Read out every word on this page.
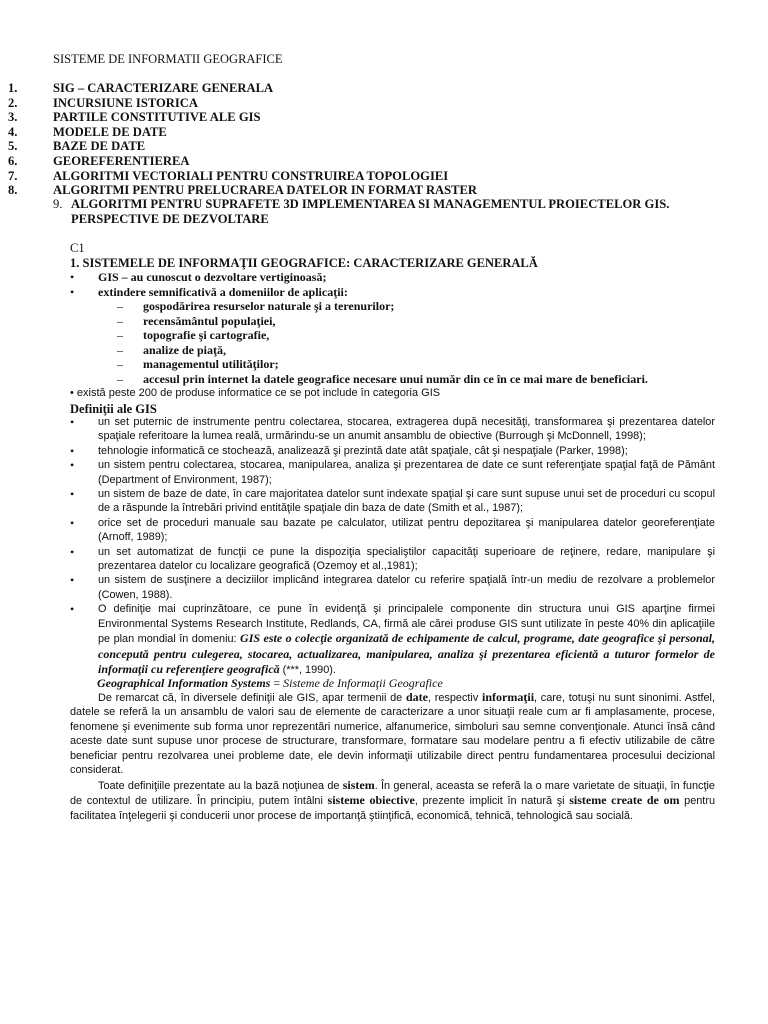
SISTEME DE INFORMATII GEOGRAFICE
1.	SIG – CARACTERIZARE GENERALA
2.	INCURSIUNE ISTORICA
3.	PARTILE CONSTITUTIVE ALE GIS
4.	MODELE DE DATE
5.	BAZE DE DATE
6.	GEOREFERENTIEREA
7.	ALGORITMI VECTORIALI PENTRU CONSTRUIREA TOPOLOGIEI
8.	ALGORITMI PENTRU PRELUCRAREA DATELOR IN FORMAT RASTER
9. ALGORITMI PENTRU SUPRAFETE 3D IMPLEMENTAREA SI MANAGEMENTUL PROIECTELOR GIS.
PERSPECTIVE DE DEZVOLTARE
C1
1. SISTEMELE DE INFORMAŢII GEOGRAFICE: CARACTERIZARE GENERALĂ
• GIS – au cunoscut o dezvoltare vertiginoasă;
• extindere semnificativă a domeniilor de aplicaţii:
– gospodărirea resurselor naturale şi a terenurilor;
– recensământul populaţiei,
– topografie şi cartografie,
– analize de piaţă,
– managementul utilităţilor;
– accesul prin internet la datele geografice necesare unui număr din ce în ce mai mare de beneficiari.
• există peste 200 de produse informatice ce se pot include în categoria GIS
Definiţii ale GIS
•	un set puternic de instrumente pentru colectarea, stocarea, extragerea după necesităţi, transformarea şi prezentarea datelor spaţiale referitoare la lumea reală, urmărindu-se un anumit ansamblu de obiective (Burrough şi McDonnell, 1998);
•	tehnologie informatică ce stochează, analizează şi prezintă date atât spaţiale, cât şi nespaţiale (Parker, 1998);
•	un sistem pentru colectarea, stocarea, manipularea, analiza şi prezentarea de date ce sunt referenţiate spaţial faţă de Pământ (Department of Environment, 1987);
•	un sistem de baze de date, în care majoritatea datelor sunt indexate spaţial şi care sunt supuse unui set de proceduri cu scopul de a răspunde la întrebări privind entităţile spaţiale din baza de date (Smith et al., 1987);
•	orice set de proceduri manuale sau bazate pe calculator, utilizat pentru depozitarea şi manipularea datelor georeferenţiate (Arnoff, 1989);
•	un set automatizat de funcţii ce pune la dispoziţia specialiştilor capacităţi superioare de reţinere, redare, manipulare şi prezentarea datelor cu localizare geografică (Ozemoy et al.,1981);
•	un sistem de susţinere a deciziilor implicând integrarea datelor cu referire spaţială într-un mediu de rezolvare a problemelor (Cowen, 1988).
•	O definiţie mai cuprinzătoare, ce pune în evidenţă şi principalele componente din structura unui GIS aparţine firmei Environmental Systems Research Institute, Redlands, CA, firmă ale cărei produse GIS sunt utilizate în peste 40% din aplicaţiile pe plan mondial în domeniu: GIS este o colecţie organizată de echipamente de calcul, programe, date geografice şi personal, concepută pentru culegerea, stocarea, actualizarea, manipularea, analiza şi prezentarea eficientă a tuturor formelor de informaţii cu referenţiere geografică (***, 1990).
Geographical Information Systems = Sisteme de Informaţii Geografice
De remarcat că, în diversele definiţii ale GIS, apar termenii de date, respectiv informaţii, care, totuşi nu sunt sinonimi. Astfel, datele se referă la un ansamblu de valori sau de elemente de caracterizare a unor situaţii reale cum ar fi amplasamente, procese, fenomene şi evenimente sub forma unor reprezentări numerice, alfanumerice, simboluri sau semne convenţionale. Atunci însă când aceste date sunt supuse unor procese de structurare, transformare, formatare sau modelare pentru a fi efectiv utilizabile de către beneficiar pentru rezolvarea unei probleme date, ele devin informaţii utilizabile direct pentru fundamentarea procesului decizional considerat.
Toate definiţiile prezentate au la bază noţiunea de sistem. În general, aceasta se referă la o mare varietate de situaţii, în funcţie de contextul de utilizare. În principiu, putem întâlni sisteme obiective, prezente implicit în natură şi sisteme create de om pentru facilitatea înţelegerii şi conducerii unor procese de importanţă ştiinţifică, economică, tehnică, tehnologică sau socială.
